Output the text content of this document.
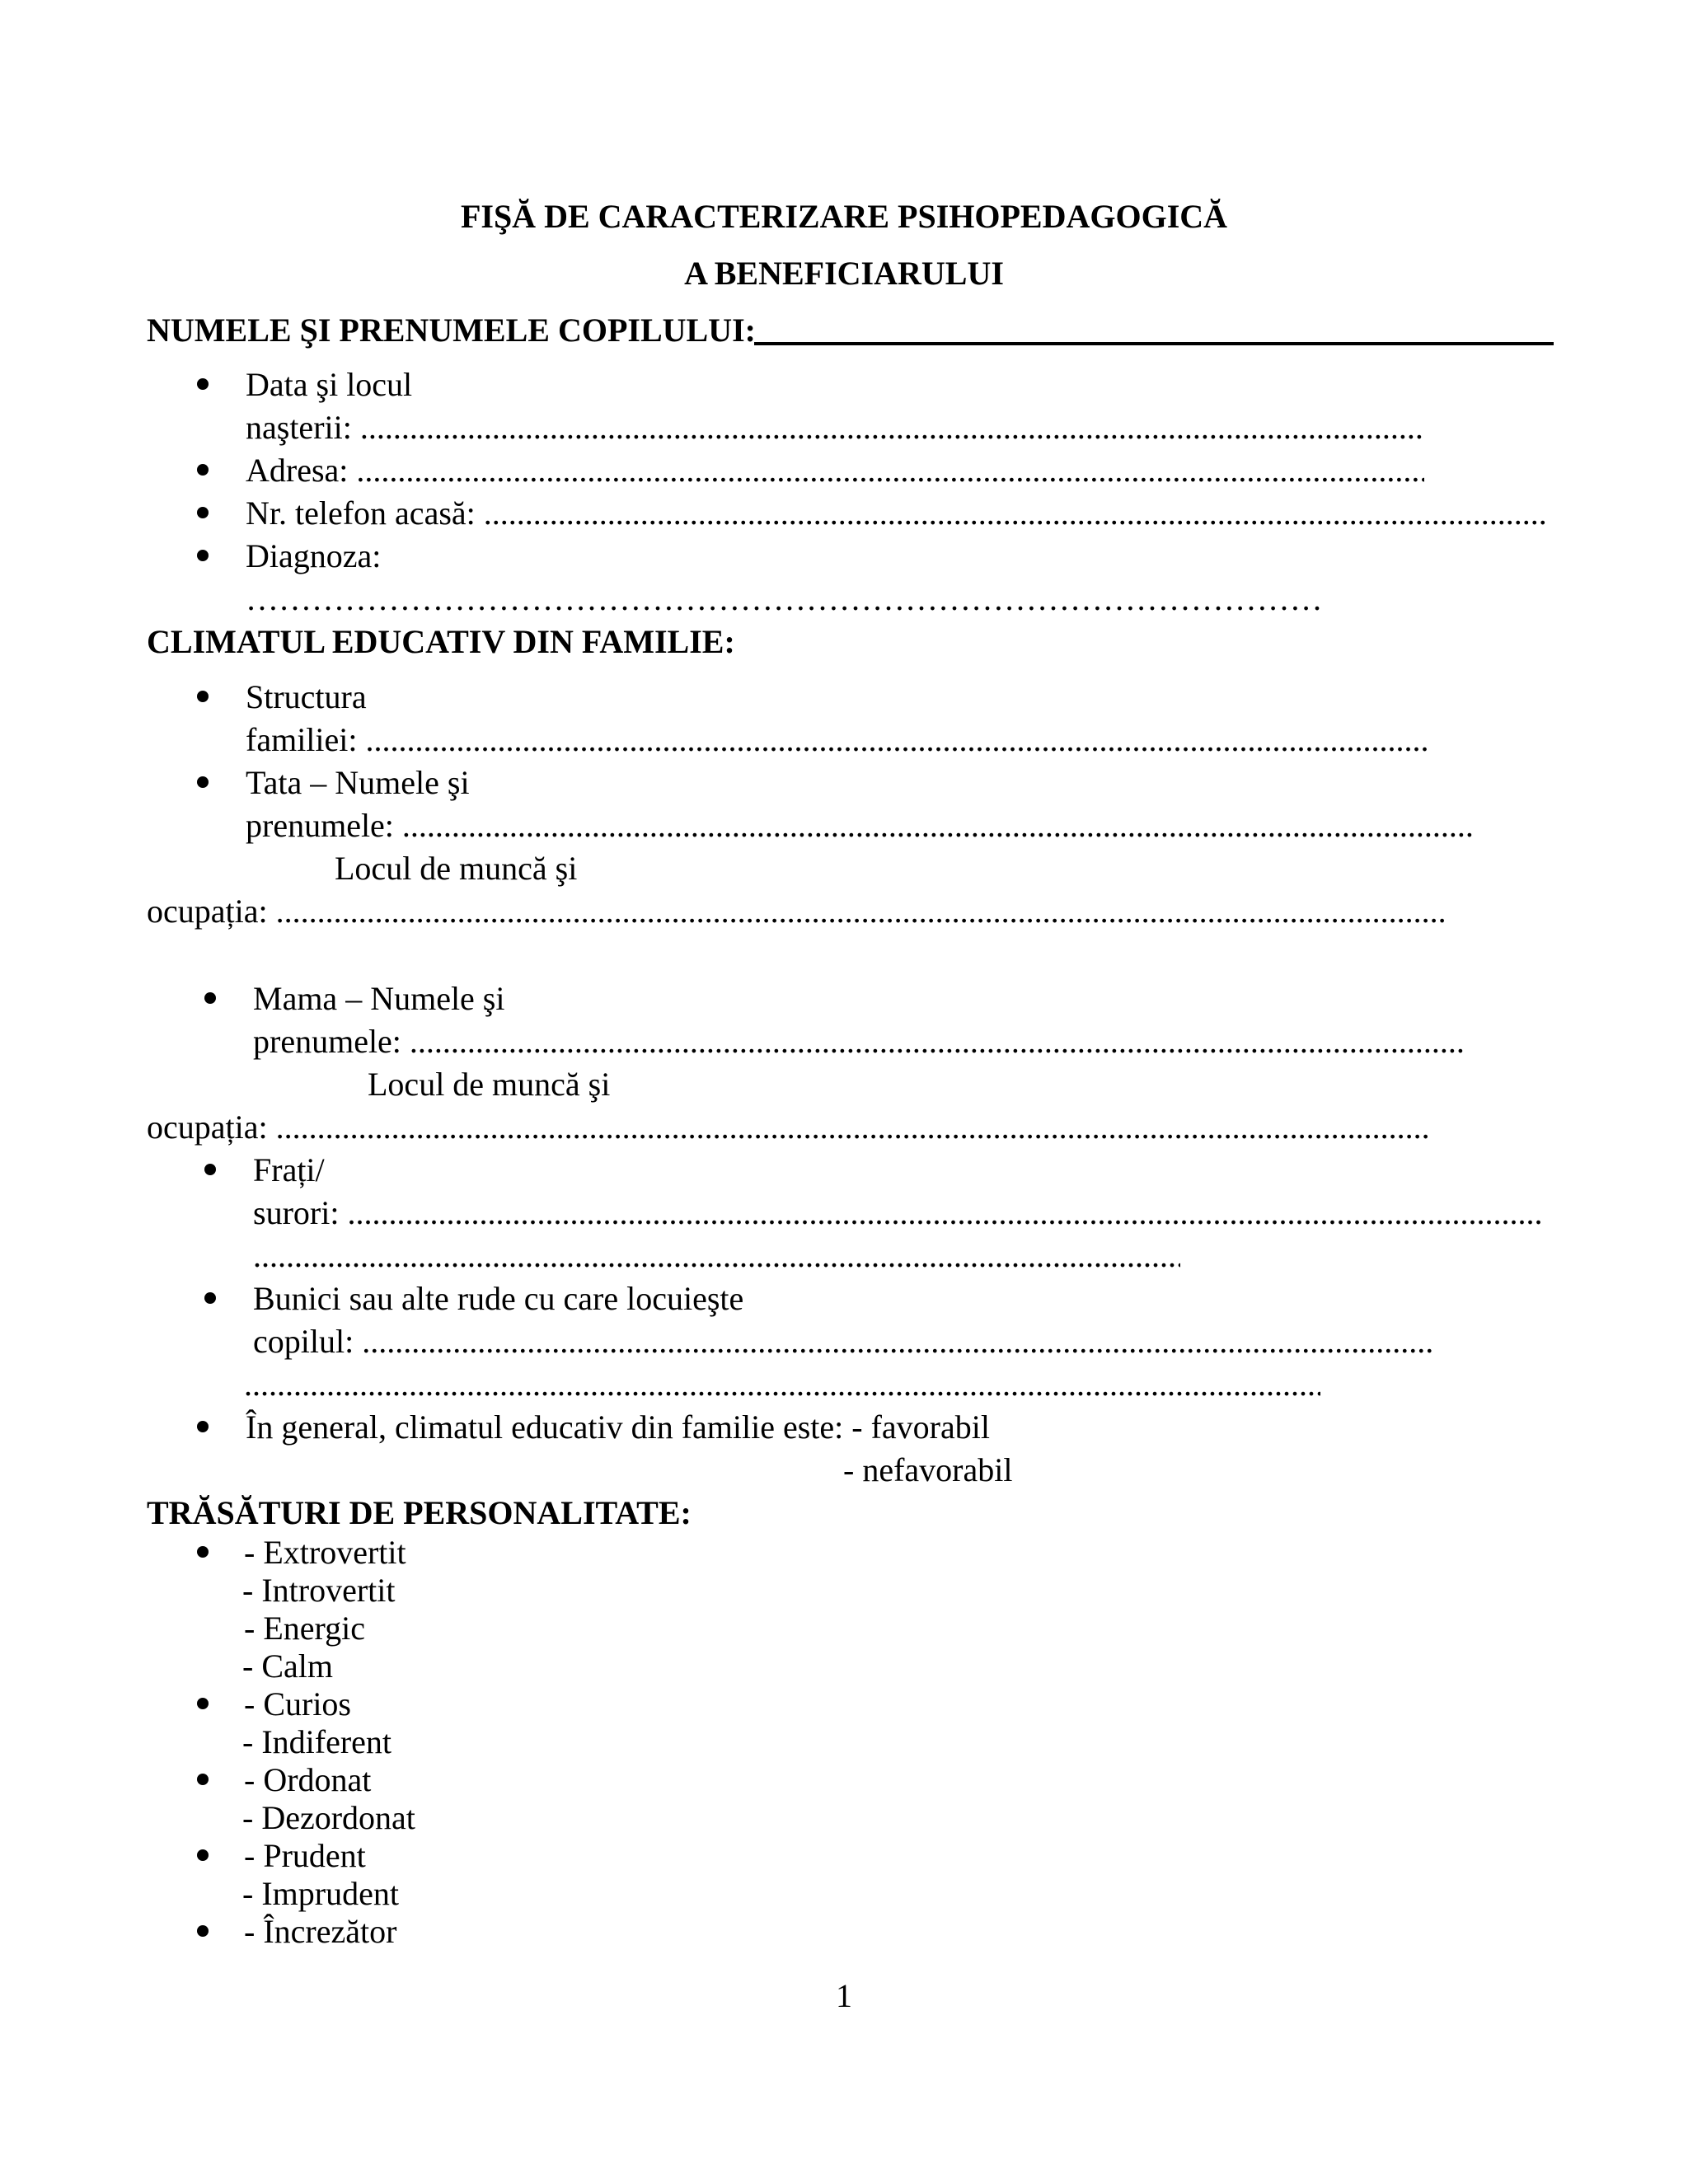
FIŞĂ DE CARACTERIZARE PSIHOPEDAGOGICĂ
A BENEFICIARULUI
NUMELE ŞI PRENUMELE COPILULUI:
Data şi locul
naşterii: .....
Adresa: .....
Nr. telefon acasă: .....
Diagnoza:
………………………………………………………………………………………………………………………………………………………………………………………………
CLIMATUL EDUCATIV DIN FAMILIE:
Structura
familiei: .....
Tata – Numele şi
prenumele: .....
Locul de muncă şi
ocupația: .....
Mama – Numele şi
prenumele: .....
Locul de muncă şi
ocupația: .....
Frați/
surori: .....
.....
Bunici sau alte rude cu care locuieşte
copilul: .....
.....
În general, climatul educativ din familie este: - favorabil
- nefavorabil
TRĂSĂTURI DE PERSONALITATE:
- Extrovertit
- Introvertit
- Energic
- Calm
- Curios
- Indiferent
- Ordonat
- Dezordonat
- Prudent
- Imprudent
- Încrezător
1
